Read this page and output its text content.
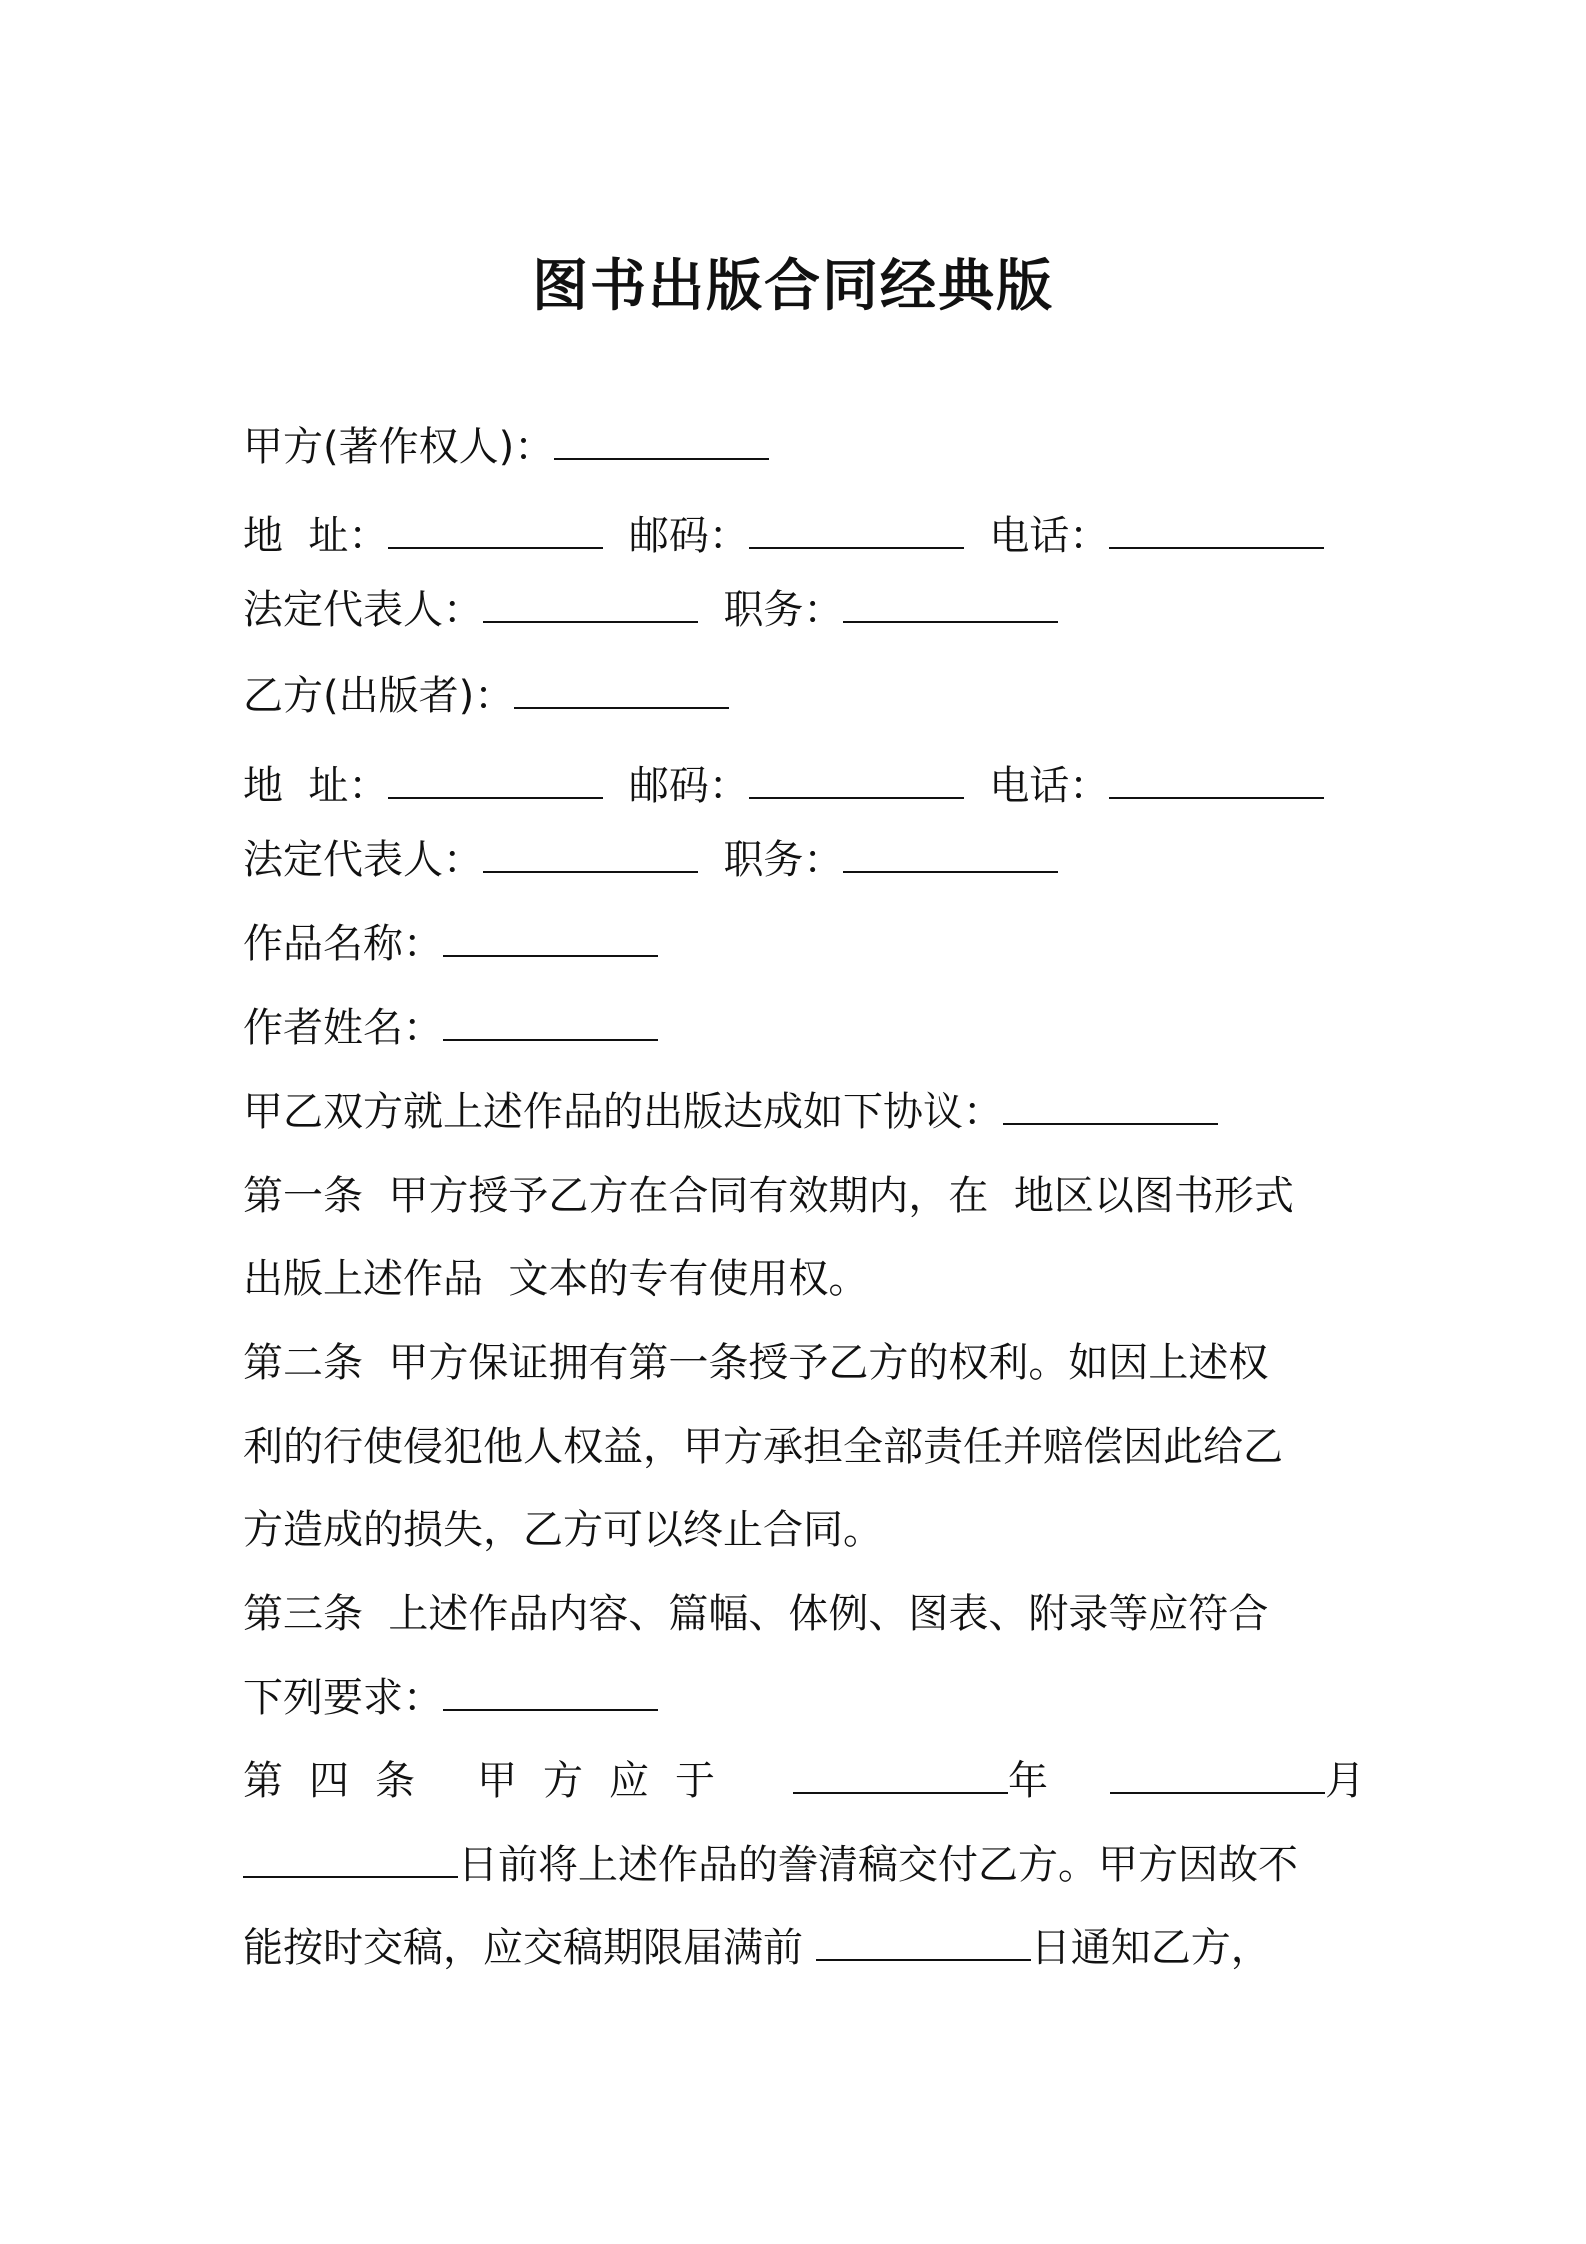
图书出版合同经典版
甲方(著作权人)：
地  址：	邮码：	电话：
法定代表人：	职务：
乙方(出版者)：
地  址：	邮码：	电话：
法定代表人：	职务：
作品名称：
作者姓名：
甲乙双方就上述作品的出版达成如下协议：
第一条  甲方授予乙方在合同有效期内，在  地区以图书形式
出版上述作品  文本的专有使用权。
第二条  甲方保证拥有第一条授予乙方的权利。如因上述权
利的行使侵犯他人权益，甲方承担全部责任并赔偿因此给乙
方造成的损失，乙方可以终止合同。
第三条  上述作品内容、篇幅、体例、图表、附录等应符合
下列要求：
第四条 甲方应于	年	月
日前将上述作品的誊清稿交付乙方。甲方因故不
能按时交稿，应交稿期限届满前	日通知乙方，
